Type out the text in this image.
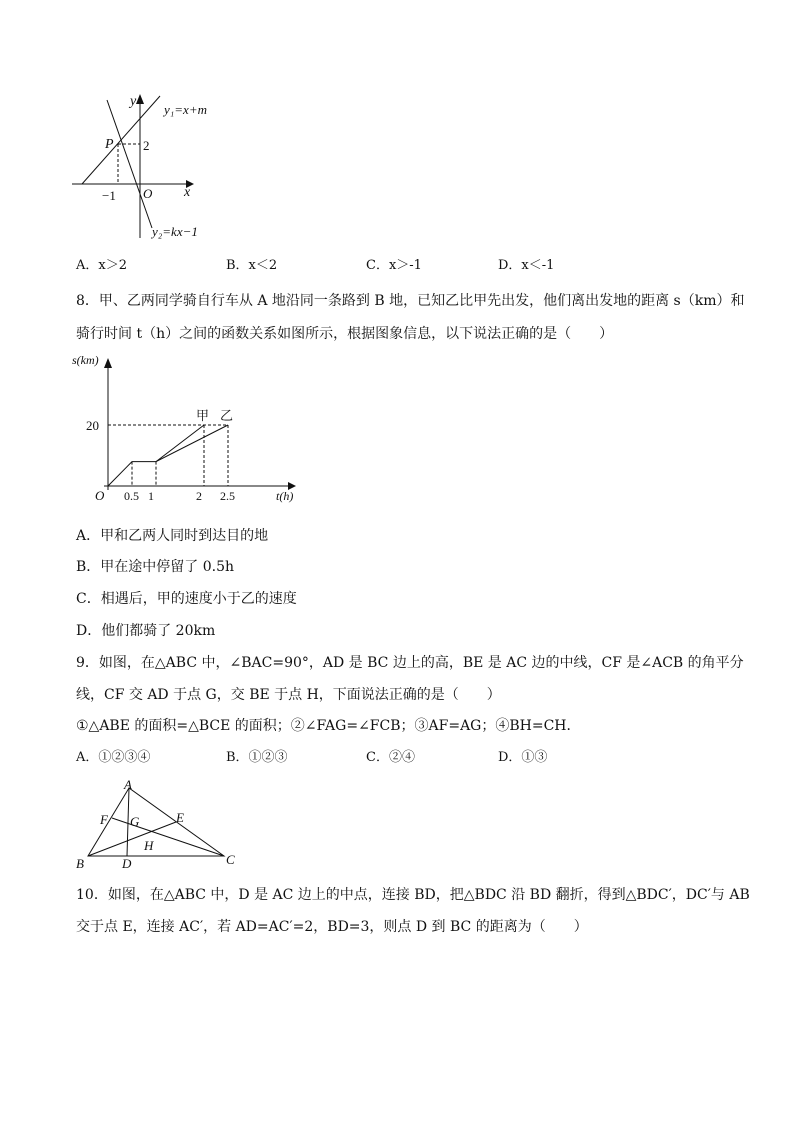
y
x
O
P 2
−1
y₁=x+m
y₂=kx−1
A．x＞2	B．x＜2	C．x＞-1	D．x＜-1
8．甲、乙两同学骑自行车从 A 地沿同一条路到 B 地，已知乙比甲先出发，他们离出发地的距离 s（km）和
骑行时间 t（h）之间的函数关系如图所示，根据图象信息，以下说法正确的是（　　）
s(km)
t(h)
O 0.5 1	2 2.5
20
甲 乙
A．甲和乙两人同时到达目的地
B．甲在途中停留了 0.5h
C．相遇后，甲的速度小于乙的速度
D．他们都骑了 20km
9．如图，在△ABC 中，∠BAC=90°，AD 是 BC 边上的高，BE 是 AC 边的中线，CF 是∠ACB 的角平分
线，CF 交 AD 于点 G，交 BE 于点 H，下面说法正确的是（　　）
①△ABE 的面积=△BCE 的面积；②∠FAG=∠FCB；③AF=AG；④BH=CH．
A．①②③④	B．①②③	C．②④	D．①③
A
B	C
D
E
F G
H
10．如图，在△ABC 中，D 是 AC 边上的中点，连接 BD，把△BDC 沿 BD 翻折，得到△BDC′，DC′与 AB
交于点 E，连接 AC′，若 AD=AC′=2，BD=3，则点 D 到 BC 的距离为（　　）
